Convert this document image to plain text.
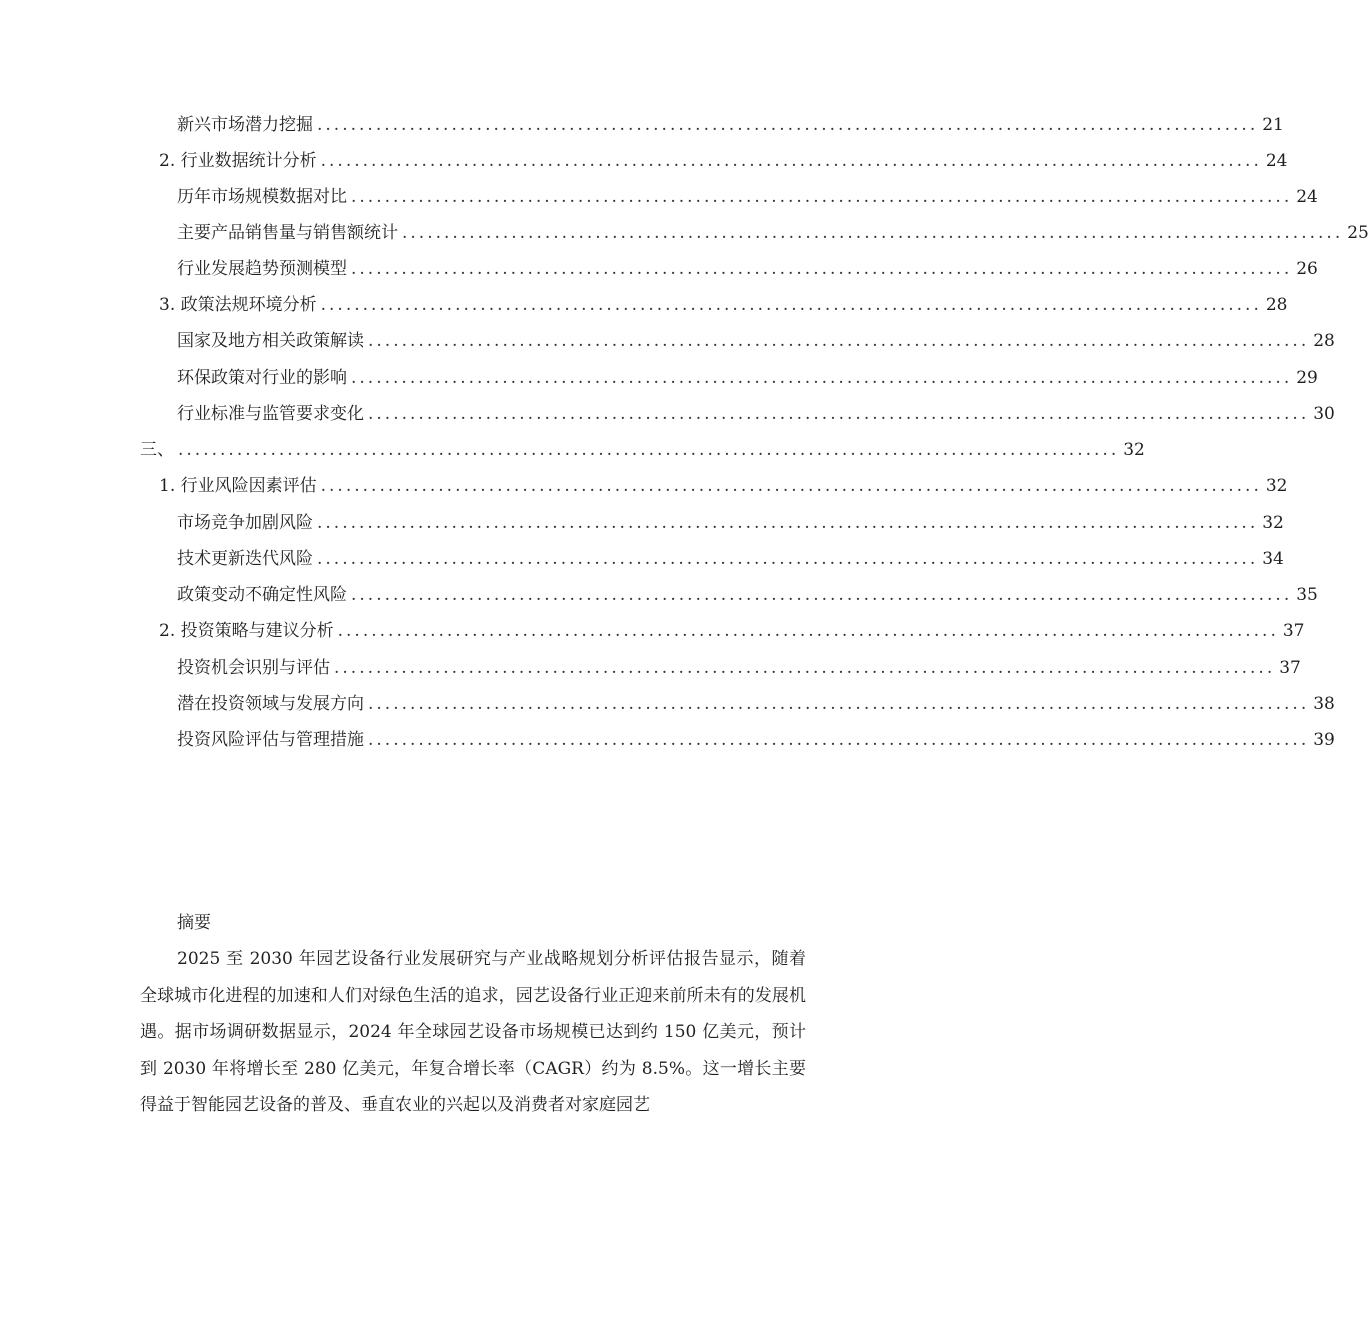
新兴市场潜力挖掘 ................................................................................................................ 21
2. 行业数据统计分析 ................................................................................................................ 24
历年市场规模数据对比 ................................................................................................................ 24
主要产品销售量与销售额统计 ................................................................................................................ 25
行业发展趋势预测模型 ................................................................................................................ 26
3. 政策法规环境分析 ................................................................................................................ 28
国家及地方相关政策解读 ................................................................................................................ 28
环保政策对行业的影响 ................................................................................................................ 29
行业标准与监管要求变化 ................................................................................................................ 30
三、 ................................................................................................................ 32
1. 行业风险因素评估 ................................................................................................................ 32
市场竞争加剧风险 ................................................................................................................ 32
技术更新迭代风险 ................................................................................................................ 34
政策变动不确定性风险 ................................................................................................................ 35
2. 投资策略与建议分析 ................................................................................................................ 37
投资机会识别与评估 ................................................................................................................ 37
潜在投资领域与发展方向 ................................................................................................................ 38
投资风险评估与管理措施 ................................................................................................................ 39
摘要

2025 至 2030 年园艺设备行业发展研究与产业战略规划分析评估报告显示，随着全球城市化进程的加速和人们对绿色生活的追求，园艺设备行业正迎来前所未有的发展机遇。据市场调研数据显示，2024 年全球园艺设备市场规模已达到约 150 亿美元，预计到 2030 年将增长至 280 亿美元，年复合增长率（CAGR）约为 8.5%。这一增长主要得益于智能园艺设备的普及、垂直农业的兴起以及消费者对家庭园艺
